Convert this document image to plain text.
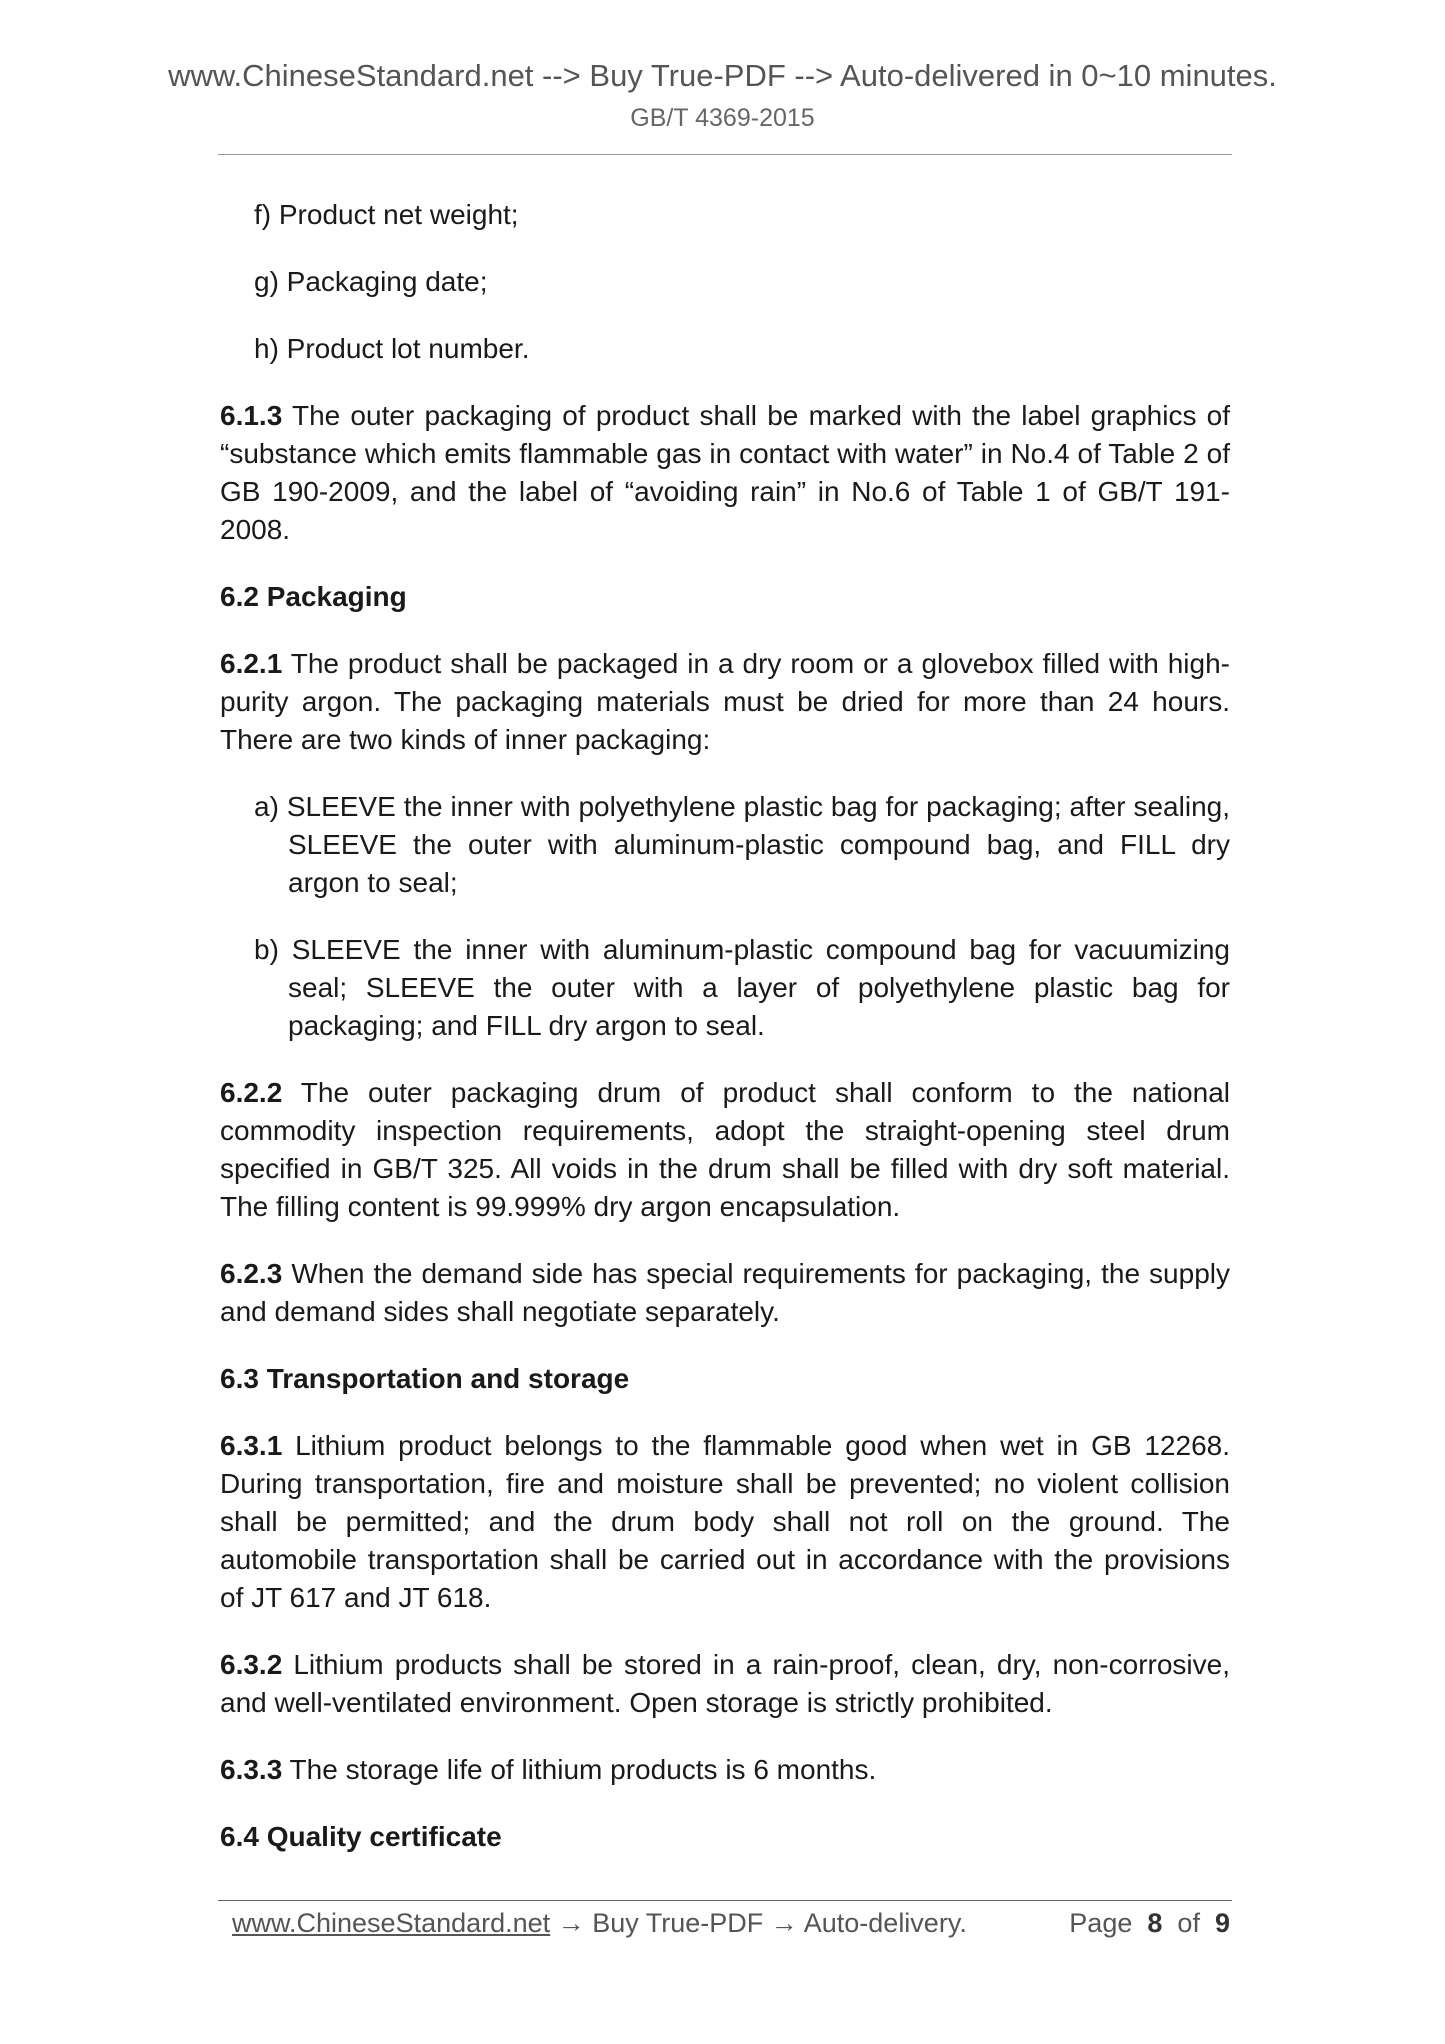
www.ChineseStandard.net --> Buy True-PDF --> Auto-delivered in 0~10 minutes.
GB/T 4369-2015
f) Product net weight;
g) Packaging date;
h) Product lot number.

6.1.3 The outer packaging of product shall be marked with the label graphics of “substance which emits flammable gas in contact with water” in No.4 of Table 2 of GB 190-2009, and the label of “avoiding rain” in No.6 of Table 1 of GB/T 191-2008.

6.2 Packaging

6.2.1 The product shall be packaged in a dry room or a glovebox filled with high-purity argon. The packaging materials must be dried for more than 24 hours. There are two kinds of inner packaging:

a) SLEEVE the inner with polyethylene plastic bag for packaging; after sealing, SLEEVE the outer with aluminum-plastic compound bag, and FILL dry argon to seal;
b) SLEEVE the inner with aluminum-plastic compound bag for vacuumizing seal; SLEEVE the outer with a layer of polyethylene plastic bag for packaging; and FILL dry argon to seal.

6.2.2 The outer packaging drum of product shall conform to the national commodity inspection requirements, adopt the straight-opening steel drum specified in GB/T 325. All voids in the drum shall be filled with dry soft material. The filling content is 99.999% dry argon encapsulation.

6.2.3 When the demand side has special requirements for packaging, the supply and demand sides shall negotiate separately.

6.3 Transportation and storage

6.3.1 Lithium product belongs to the flammable good when wet in GB 12268. During transportation, fire and moisture shall be prevented; no violent collision shall be permitted; and the drum body shall not roll on the ground. The automobile transportation shall be carried out in accordance with the provisions of JT 617 and JT 618.

6.3.2 Lithium products shall be stored in a rain-proof, clean, dry, non-corrosive, and well-ventilated environment. Open storage is strictly prohibited.

6.3.3 The storage life of lithium products is 6 months.

6.4 Quality certificate
www.ChineseStandard.net → Buy True-PDF → Auto-delivery.	Page 8 of 9
